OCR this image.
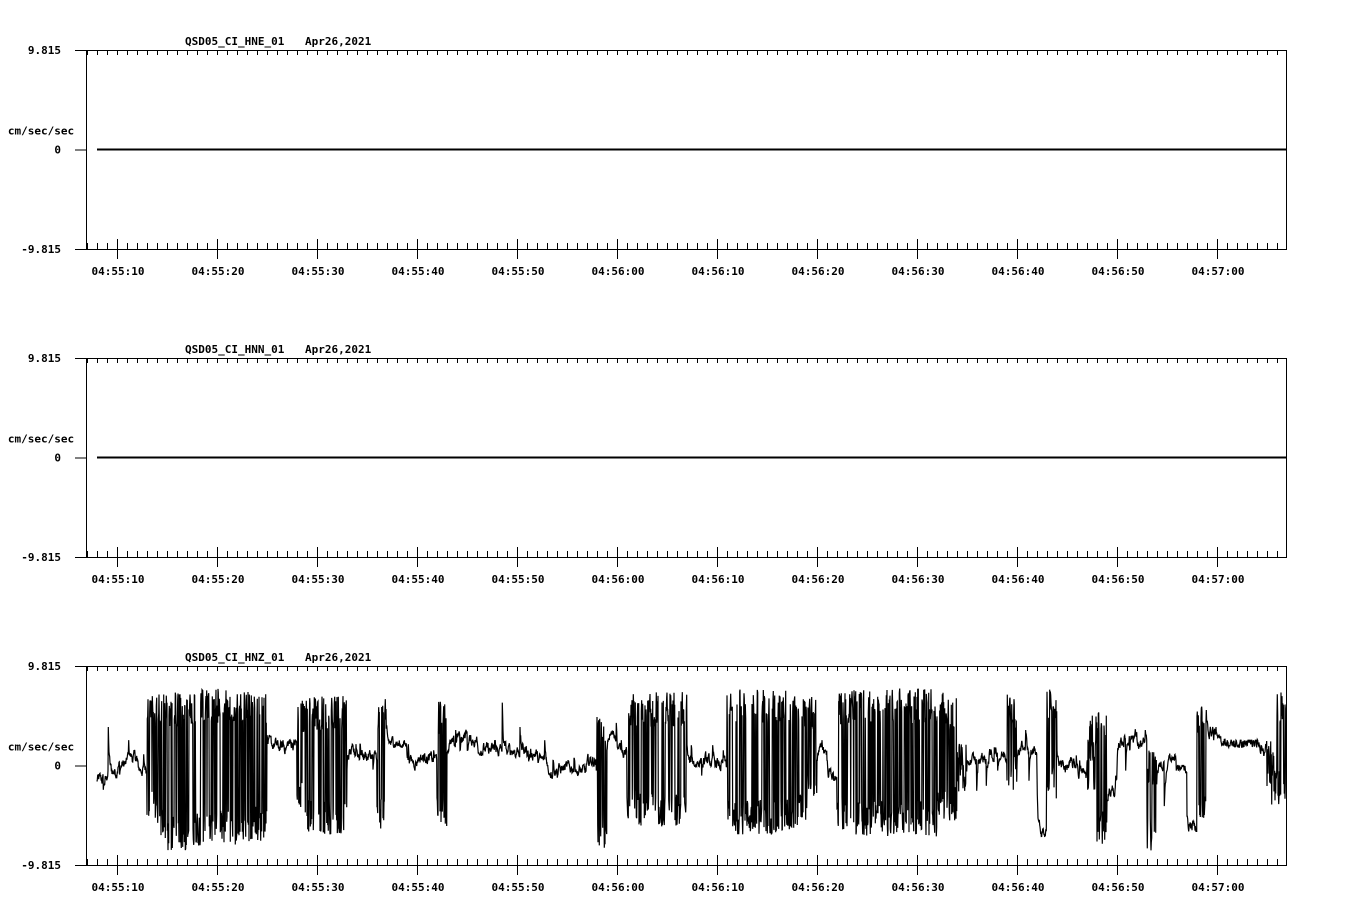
QSD05_CI_HNE_01 Apr26,2021
9.815
0
-9.815
cm/sec/sec
04:55:10	04:55:20	04:55:30	04:55:40	04:55:50	04:56:00	04:56:10	04:56:20	04:56:30	04:56:40	04:56:50	04:57:00
QSD05_CI_HNN_01 Apr26,2021
9.815
0
-9.815
cm/sec/sec
04:55:10	04:55:20	04:55:30	04:55:40	04:55:50	04:56:00	04:56:10	04:56:20	04:56:30	04:56:40	04:56:50	04:57:00
QSD05_CI_HNZ_01 Apr26,2021
9.815
0
-9.815
cm/sec/sec
04:55:10	04:55:20	04:55:30	04:55:40	04:55:50	04:56:00	04:56:10	04:56:20	04:56:30	04:56:40	04:56:50	04:57:00
